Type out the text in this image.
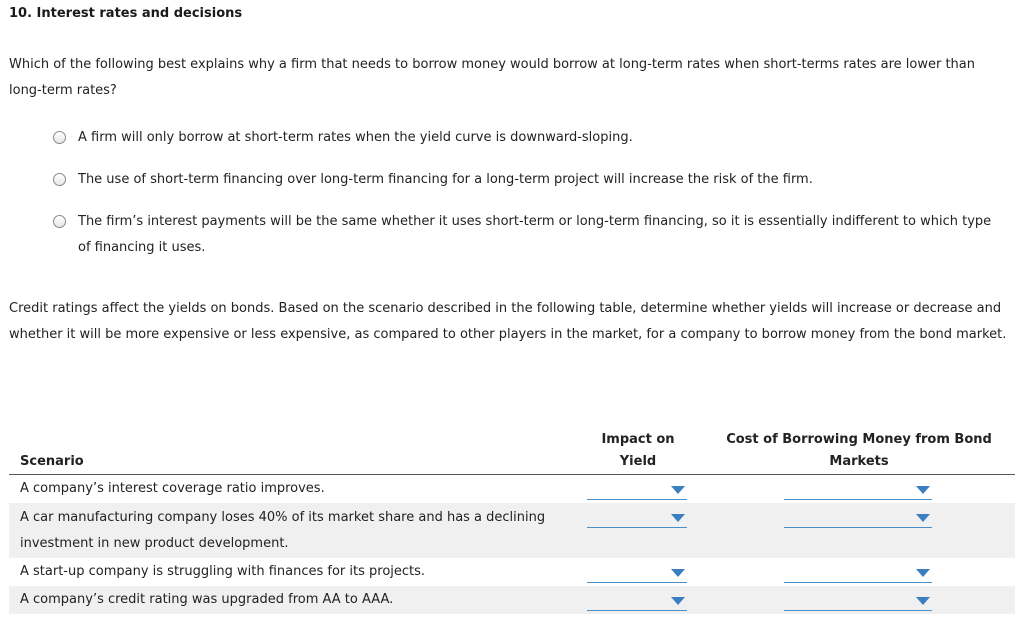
10. Interest rates and decisions

Which of the following best explains why a firm that needs to borrow money would borrow at long-term rates when short-terms rates are lower than long-term rates?

A firm will only borrow at short-term rates when the yield curve is downward-sloping.
The use of short-term financing over long-term financing for a long-term project will increase the risk of the firm.
The firm’s interest payments will be the same whether it uses short-term or long-term financing, so it is essentially indifferent to which type of financing it uses.

Credit ratings affect the yields on bonds. Based on the scenario described in the following table, determine whether yields will increase or decrease and whether it will be more expensive or less expensive, as compared to other players in the market, for a company to borrow money from the bond market.

Scenario
Impact on Yield
Cost of Borrowing Money from Bond Markets
A company’s interest coverage ratio improves.
A car manufacturing company loses 40% of its market share and has a declining investment in new product development.
A start-up company is struggling with finances for its projects.
A company’s credit rating was upgraded from AA to AAA.
